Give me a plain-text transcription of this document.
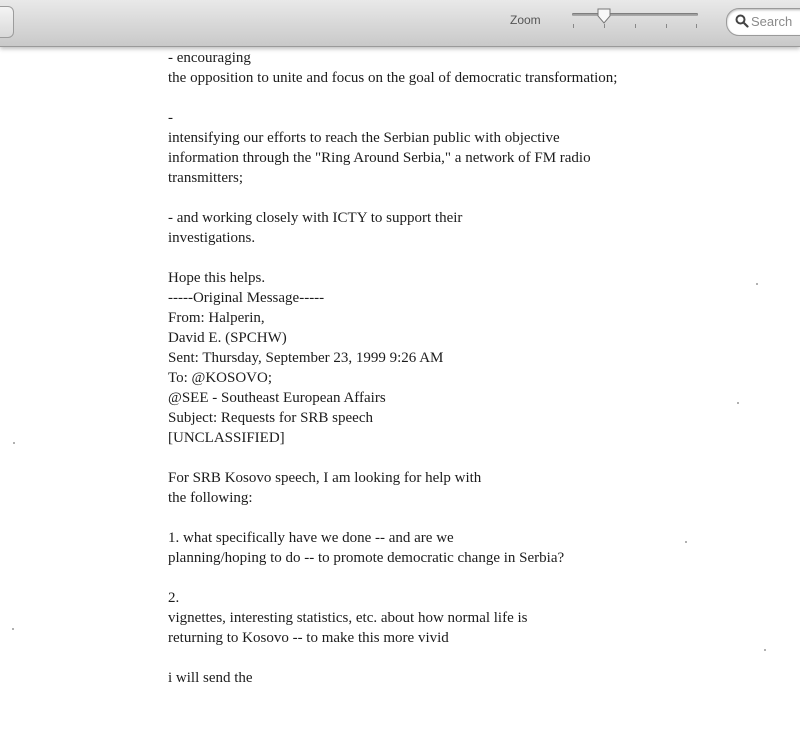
Zoom
Search
- encouraging
the opposition to unite and focus on the goal of democratic transformation;
-
intensifying our efforts to reach the Serbian public with objective
information through the "Ring Around Serbia," a network of FM radio
transmitters;
- and working closely with ICTY to support their
investigations.
Hope this helps.
-----Original Message-----
From: Halperin,
David E. (SPCHW)
Sent: Thursday, September 23, 1999 9:26 AM
To: @KOSOVO;
@SEE - Southeast European Affairs
Subject: Requests for SRB speech
[UNCLASSIFIED]
For SRB Kosovo speech, I am looking for help with
the following:
1. what specifically have we done -- and are we
planning/hoping to do -- to promote democratic change in Serbia?
2.
vignettes, interesting statistics, etc. about how normal life is
returning to Kosovo -- to make this more vivid
i will send the
